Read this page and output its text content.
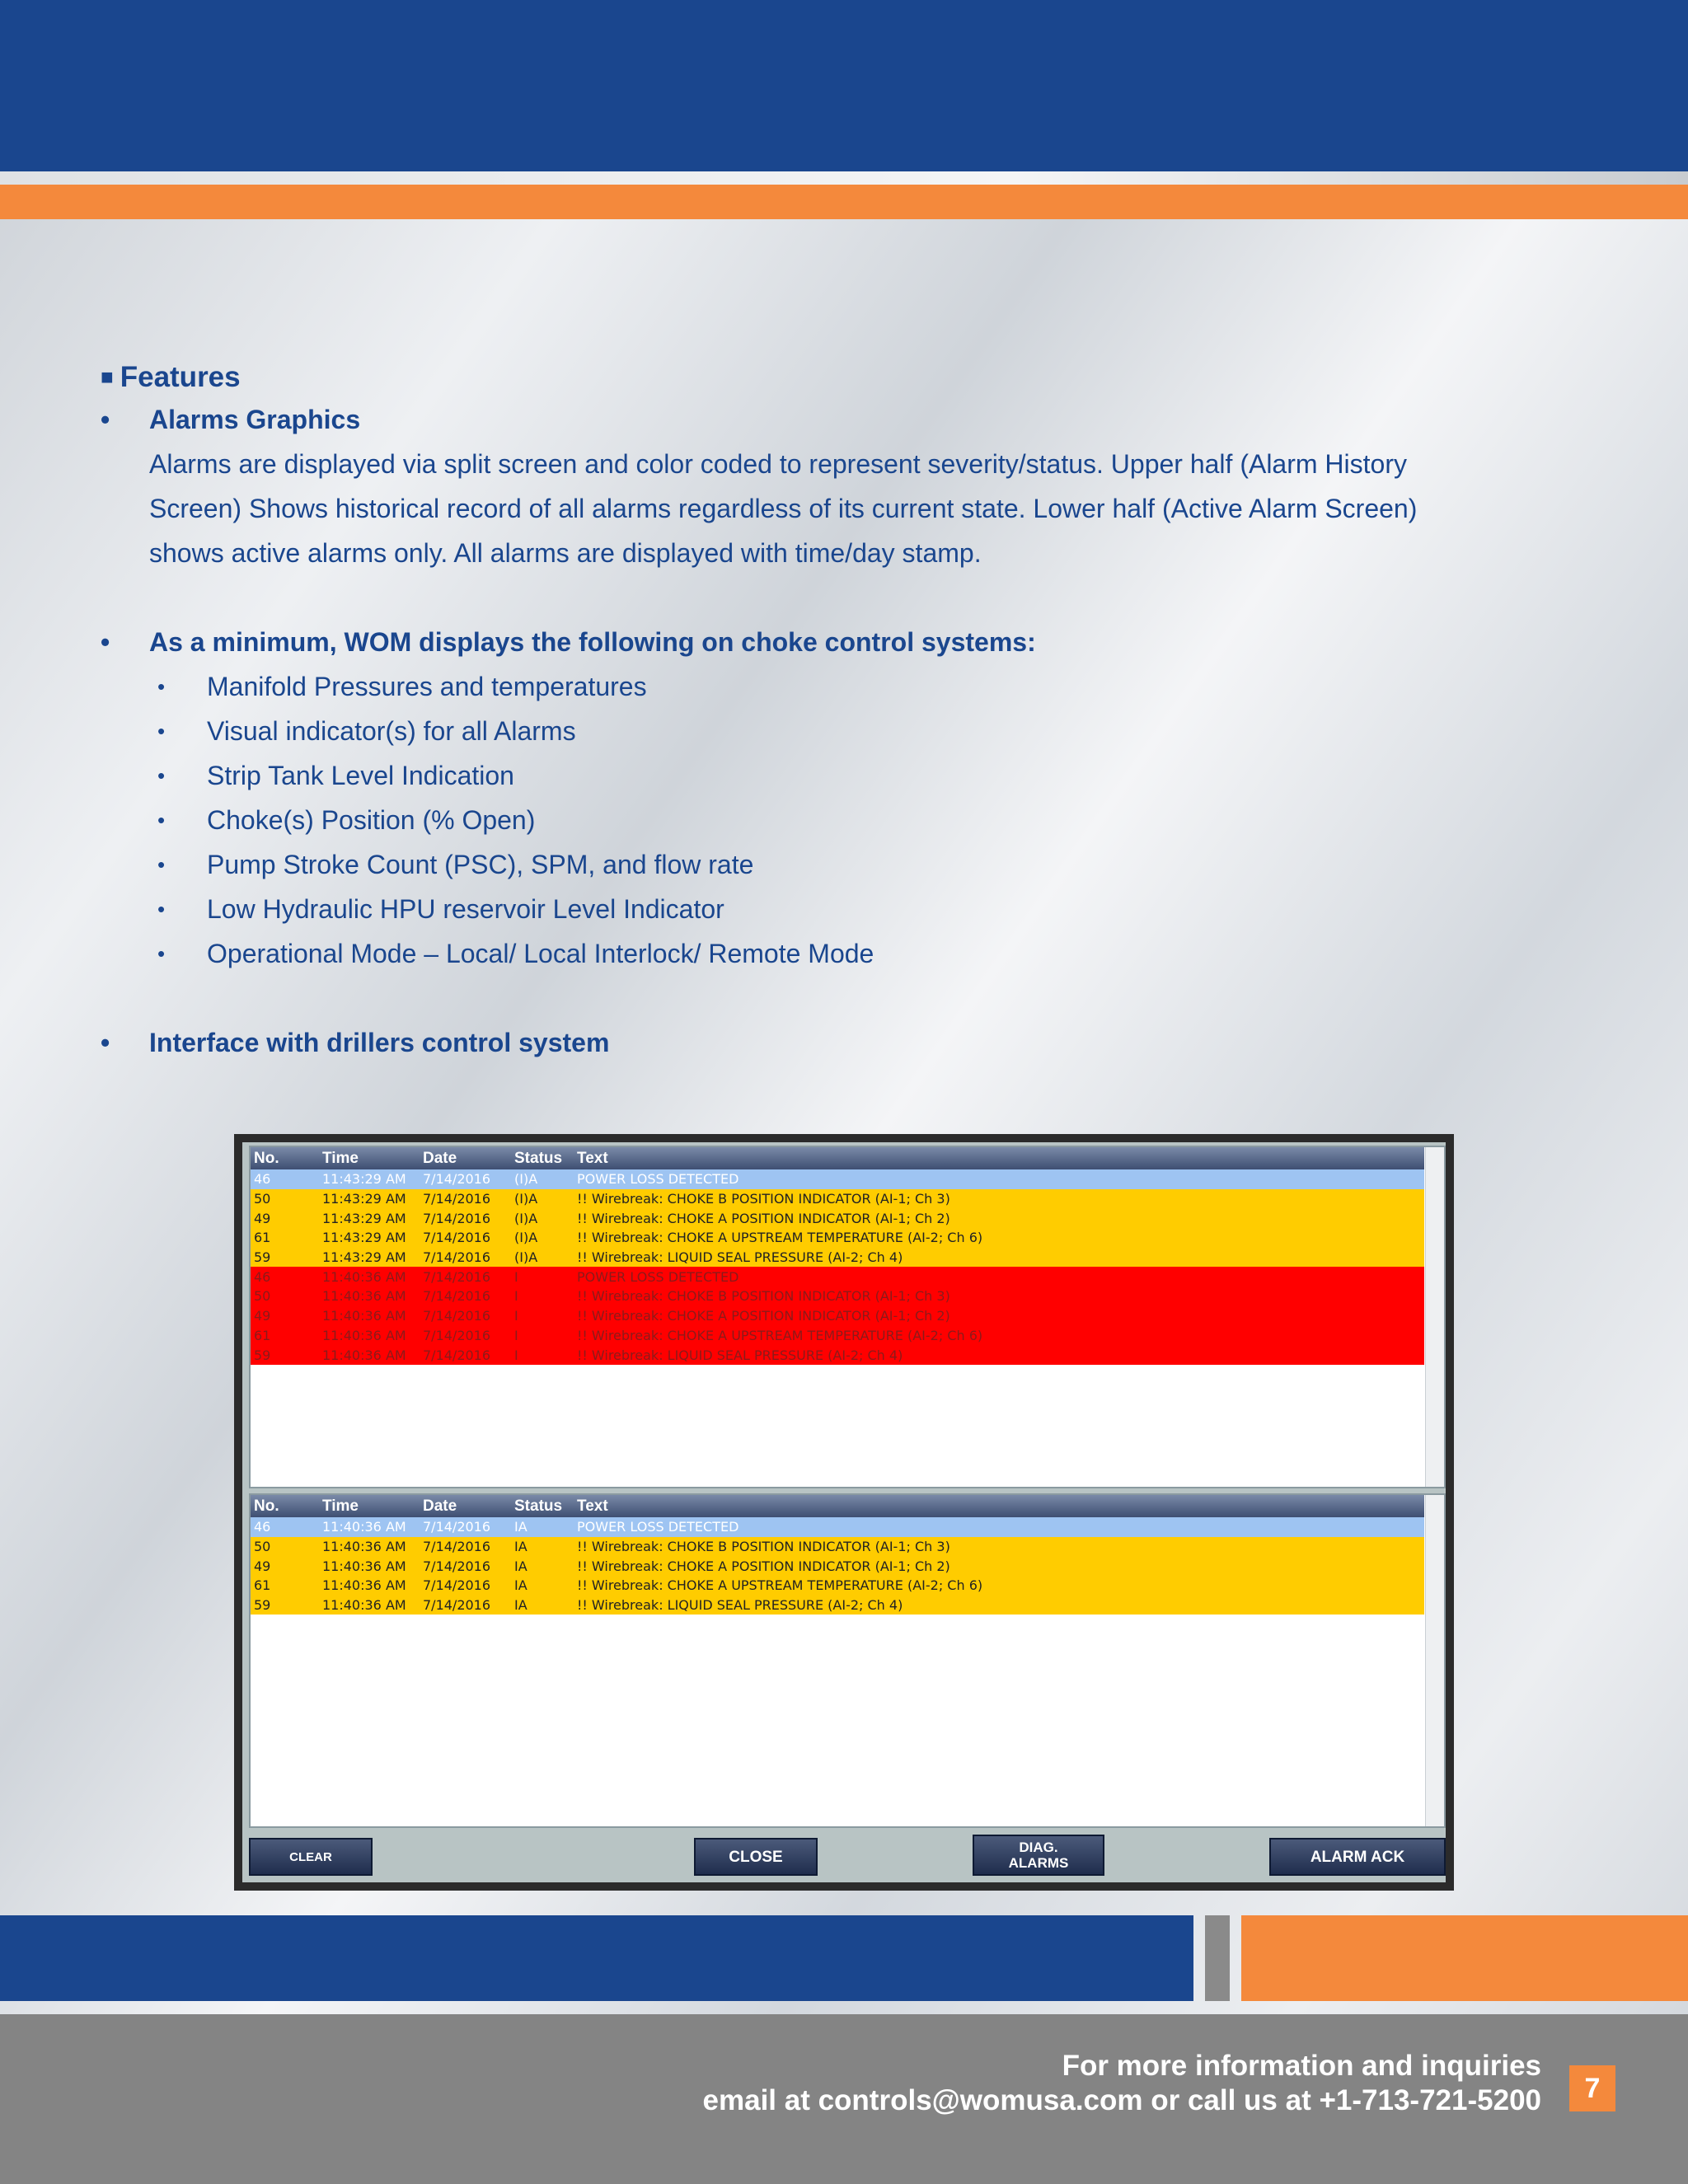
■ Features
• Alarms Graphics
Alarms are displayed via split screen and color coded to represent severity/status. Upper half (Alarm History
Screen) Shows historical record of all alarms regardless of its current state. Lower half (Active Alarm Screen)
shows active alarms only. All alarms are displayed with time/day stamp.
• As a minimum, WOM displays the following on choke control systems:
• Manifold Pressures and temperatures
• Visual indicator(s) for all Alarms
• Strip Tank Level Indication
• Choke(s) Position (% Open)
• Pump Stroke Count (PSC), SPM, and flow rate
• Low Hydraulic HPU reservoir Level Indicator
• Operational Mode – Local/ Local Interlock/ Remote Mode
• Interface with drillers control system
No.	Time	Date	Status Text
46	11:43:29 AM	7/14/2016	(I)A	POWER LOSS DETECTED
50	11:43:29 AM	7/14/2016	(I)A	!! Wirebreak: CHOKE B POSITION INDICATOR (AI-1; Ch 3)
49	11:43:29 AM	7/14/2016	(I)A	!! Wirebreak: CHOKE A POSITION INDICATOR (AI-1; Ch 2)
61	11:43:29 AM	7/14/2016	(I)A	!! Wirebreak: CHOKE A UPSTREAM TEMPERATURE (AI-2; Ch 6)
59	11:43:29 AM	7/14/2016	(I)A	!! Wirebreak: LIQUID SEAL PRESSURE (AI-2; Ch 4)
46	11:40:36 AM	7/14/2016	I	POWER LOSS DETECTED
50	11:40:36 AM	7/14/2016	I	!! Wirebreak: CHOKE B POSITION INDICATOR (AI-1; Ch 3)
49	11:40:36 AM	7/14/2016	I	!! Wirebreak: CHOKE A POSITION INDICATOR (AI-1; Ch 2)
61	11:40:36 AM	7/14/2016	I	!! Wirebreak: CHOKE A UPSTREAM TEMPERATURE (AI-2; Ch 6)
59	11:40:36 AM	7/14/2016	I	!! Wirebreak: LIQUID SEAL PRESSURE (AI-2; Ch 4)
No.	Time	Date	Status Text
46	11:40:36 AM	7/14/2016	IA	POWER LOSS DETECTED
50	11:40:36 AM	7/14/2016	IA	!! Wirebreak: CHOKE B POSITION INDICATOR (AI-1; Ch 3)
49	11:40:36 AM	7/14/2016	IA	!! Wirebreak: CHOKE A POSITION INDICATOR (AI-1; Ch 2)
61	11:40:36 AM	7/14/2016	IA	!! Wirebreak: CHOKE A UPSTREAM TEMPERATURE (AI-2; Ch 6)
59	11:40:36 AM	7/14/2016	IA	!! Wirebreak: LIQUID SEAL PRESSURE (AI-2; Ch 4)
CLEAR	CLOSE
DIAG.
ALARMS	ALARM ACK
For more information and inquiries
email at controls@womusa.com or call us at +1-713-721-5200	7
